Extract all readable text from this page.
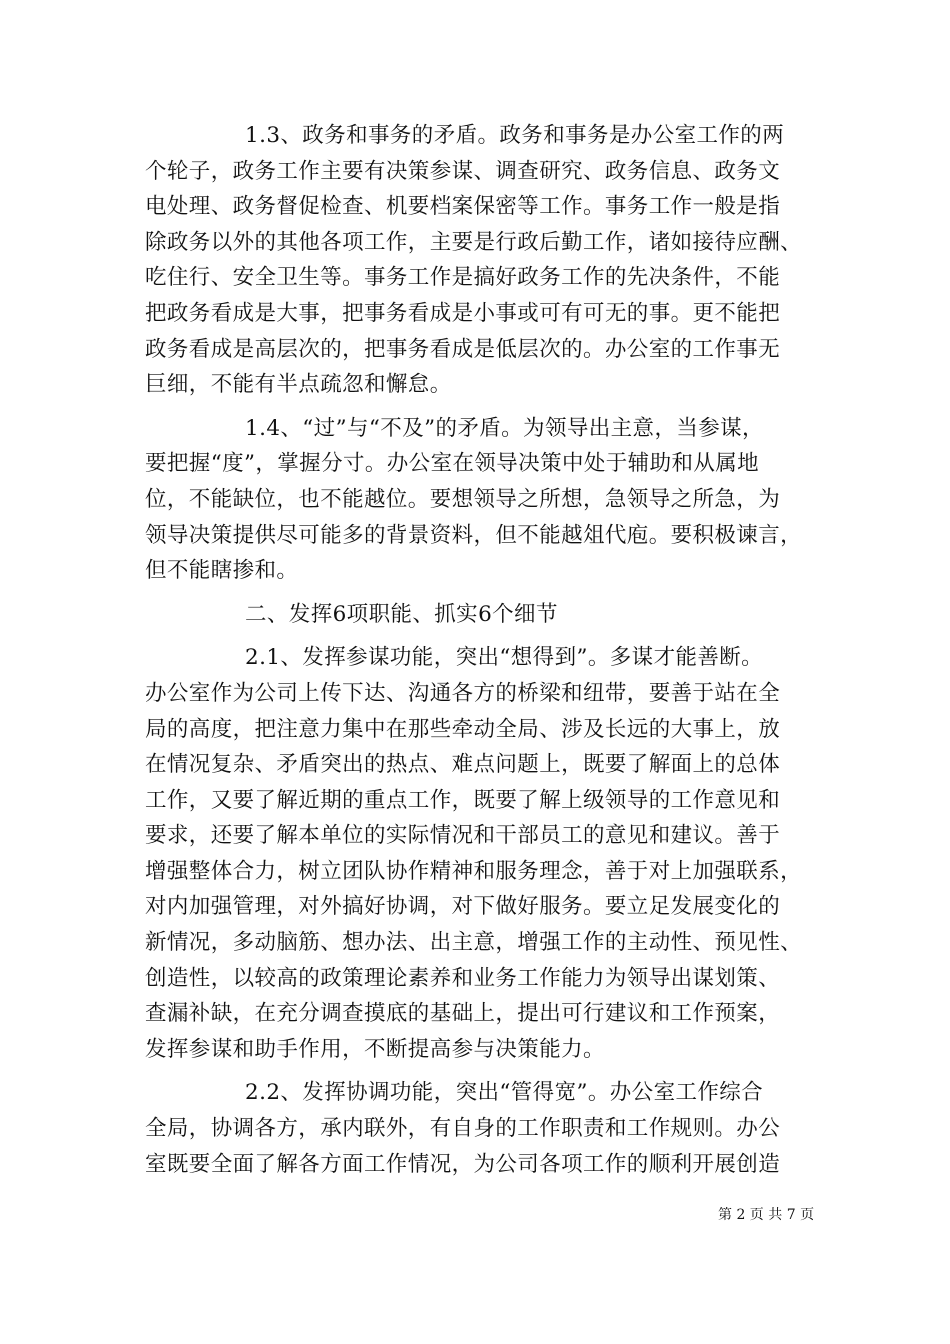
1.3、政务和事务的矛盾。政务和事务是办公室工作的两
个轮子，政务工作主要有决策参谋、调查研究、政务信息、政务文
电处理、政务督促检查、机要档案保密等工作。事务工作一般是指
除政务以外的其他各项工作，主要是行政后勤工作，诸如接待应酬、
吃住行、安全卫生等。事务工作是搞好政务工作的先决条件，不能
把政务看成是大事，把事务看成是小事或可有可无的事。更不能把
政务看成是高层次的，把事务看成是低层次的。办公室的工作事无
巨细，不能有半点疏忽和懈怠。

1.4、“过”与“不及”的矛盾。为领导出主意，当参谋，
要把握“度”，掌握分寸。办公室在领导决策中处于辅助和从属地
位，不能缺位，也不能越位。要想领导之所想，急领导之所急，为
领导决策提供尽可能多的背景资料，但不能越俎代庖。要积极谏言，
但不能瞎掺和。

二、发挥6项职能、抓实6个细节

2.1、发挥参谋功能，突出“想得到”。多谋才能善断。
办公室作为公司上传下达、沟通各方的桥梁和纽带，要善于站在全
局的高度，把注意力集中在那些牵动全局、涉及长远的大事上，放
在情况复杂、矛盾突出的热点、难点问题上，既要了解面上的总体
工作，又要了解近期的重点工作，既要了解上级领导的工作意见和
要求，还要了解本单位的实际情况和干部员工的意见和建议。善于
增强整体合力，树立团队协作精神和服务理念，善于对上加强联系，
对内加强管理，对外搞好协调，对下做好服务。要立足发展变化的
新情况，多动脑筋、想办法、出主意，增强工作的主动性、预见性、
创造性，以较高的政策理论素养和业务工作能力为领导出谋划策、
查漏补缺，在充分调查摸底的基础上，提出可行建议和工作预案，
发挥参谋和助手作用，不断提高参与决策能力。

2.2、发挥协调功能，突出“管得宽”。办公室工作综合
全局，协调各方，承内联外，有自身的工作职责和工作规则。办公
室既要全面了解各方面工作情况，为公司各项工作的顺利开展创造

第 2 页 共 7 页
